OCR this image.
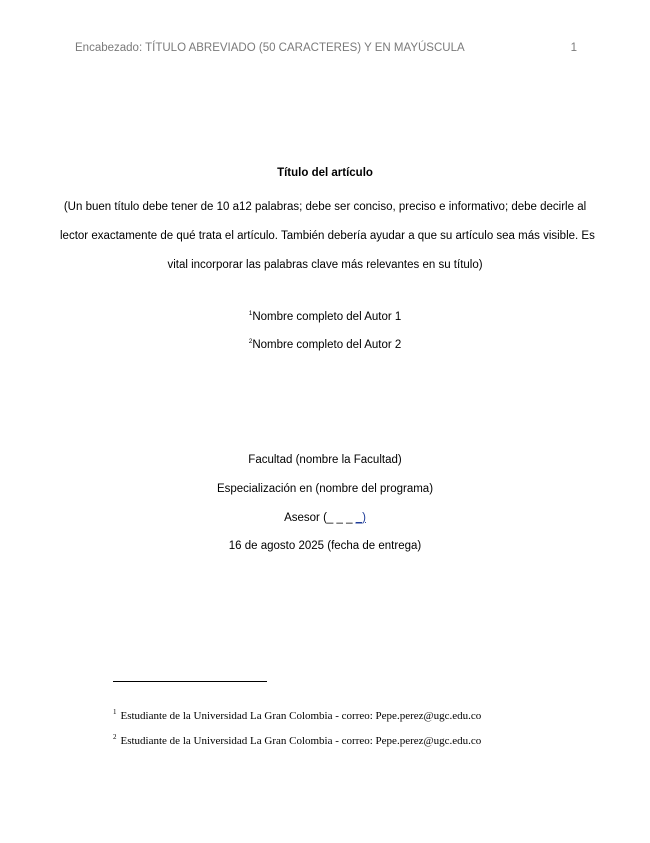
Encabezado: TÍTULO ABREVIADO (50 CARACTERES) Y EN MAYÚSCULA	1
Título del artículo
(Un buen título debe tener de 10 a12 palabras; debe ser conciso, preciso e informativo; debe decirle al
lector exactamente de qué trata el artículo. También debería ayudar a que su artículo sea más visible. Es
vital incorporar las palabras clave más relevantes en su título)
$^1$Nombre completo del Autor 1
$^2$Nombre completo del Autor 2
Facultad (nombre la Facultad)
Especialización en (nombre del programa)
Asesor (_ _ _ _)
16 de agosto 2025 (fecha de entrega)
$^1$ Estudiante de la Universidad La Gran Colombia - correo: Pepe.perez@ugc.edu.co
$^2$ Estudiante de la Universidad La Gran Colombia - correo: Pepe.perez@ugc.edu.co
